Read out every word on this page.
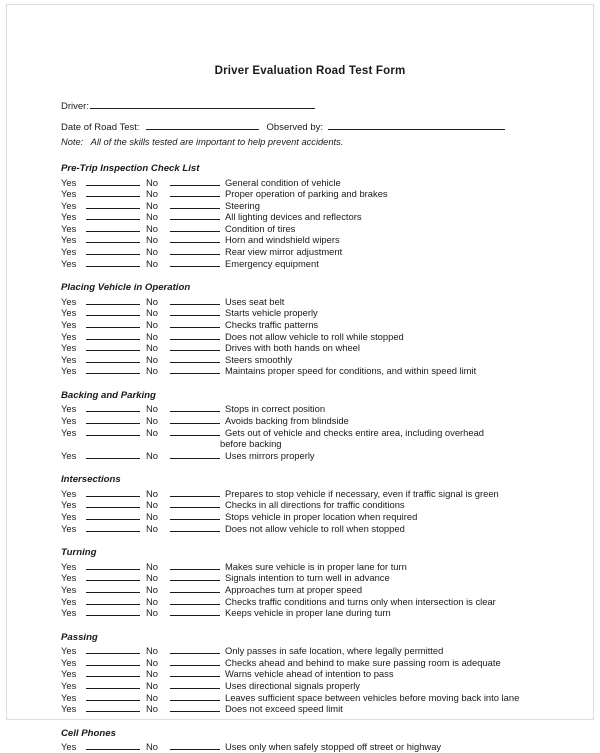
Driver Evaluation Road Test Form
Driver:
Date of Road Test:	Observed by:
Note: All of the skills tested are important to help prevent accidents.
Pre-Trip Inspection Check List
Yes	No	General condition of vehicle
Yes	No	Proper operation of parking and brakes
Yes	No	Steering
Yes	No	All lighting devices and reflectors
Yes	No	Condition of tires
Yes	No	Horn and windshield wipers
Yes	No	Rear view mirror adjustment
Yes	No	Emergency equipment
Placing Vehicle in Operation
Yes	No	Uses seat belt
Yes	No	Starts vehicle properly
Yes	No	Checks traffic patterns
Yes	No	Does not allow vehicle to roll while stopped
Yes	No	Drives with both hands on wheel
Yes	No	Steers smoothly
Yes	No	Maintains proper speed for conditions, and within speed limit
Backing and Parking
Yes	No	Stops in correct position
Yes	No	Avoids backing from blindside
Yes	No	Gets out of vehicle and checks entire area, including overhead
before backing
Yes	No	Uses mirrors properly
Intersections
Yes	No	Prepares to stop vehicle if necessary, even if traffic signal is green
Yes	No	Checks in all directions for traffic conditions
Yes	No	Stops vehicle in proper location when required
Yes	No	Does not allow vehicle to roll when stopped
Turning
Yes	No	Makes sure vehicle is in proper lane for turn
Yes	No	Signals intention to turn well in advance
Yes	No	Approaches turn at proper speed
Yes	No	Checks traffic conditions and turns only when intersection is clear
Yes	No	Keeps vehicle in proper lane during turn
Passing
Yes	No	Only passes in safe location, where legally permitted
Yes	No	Checks ahead and behind to make sure passing room is adequate
Yes	No	Warns vehicle ahead of intention to pass
Yes	No	Uses directional signals properly
Yes	No	Leaves sufficient space between vehicles before moving back into lane
Yes	No	Does not exceed speed limit
Cell Phones
Yes	No	Uses only when safely stopped off street or highway
